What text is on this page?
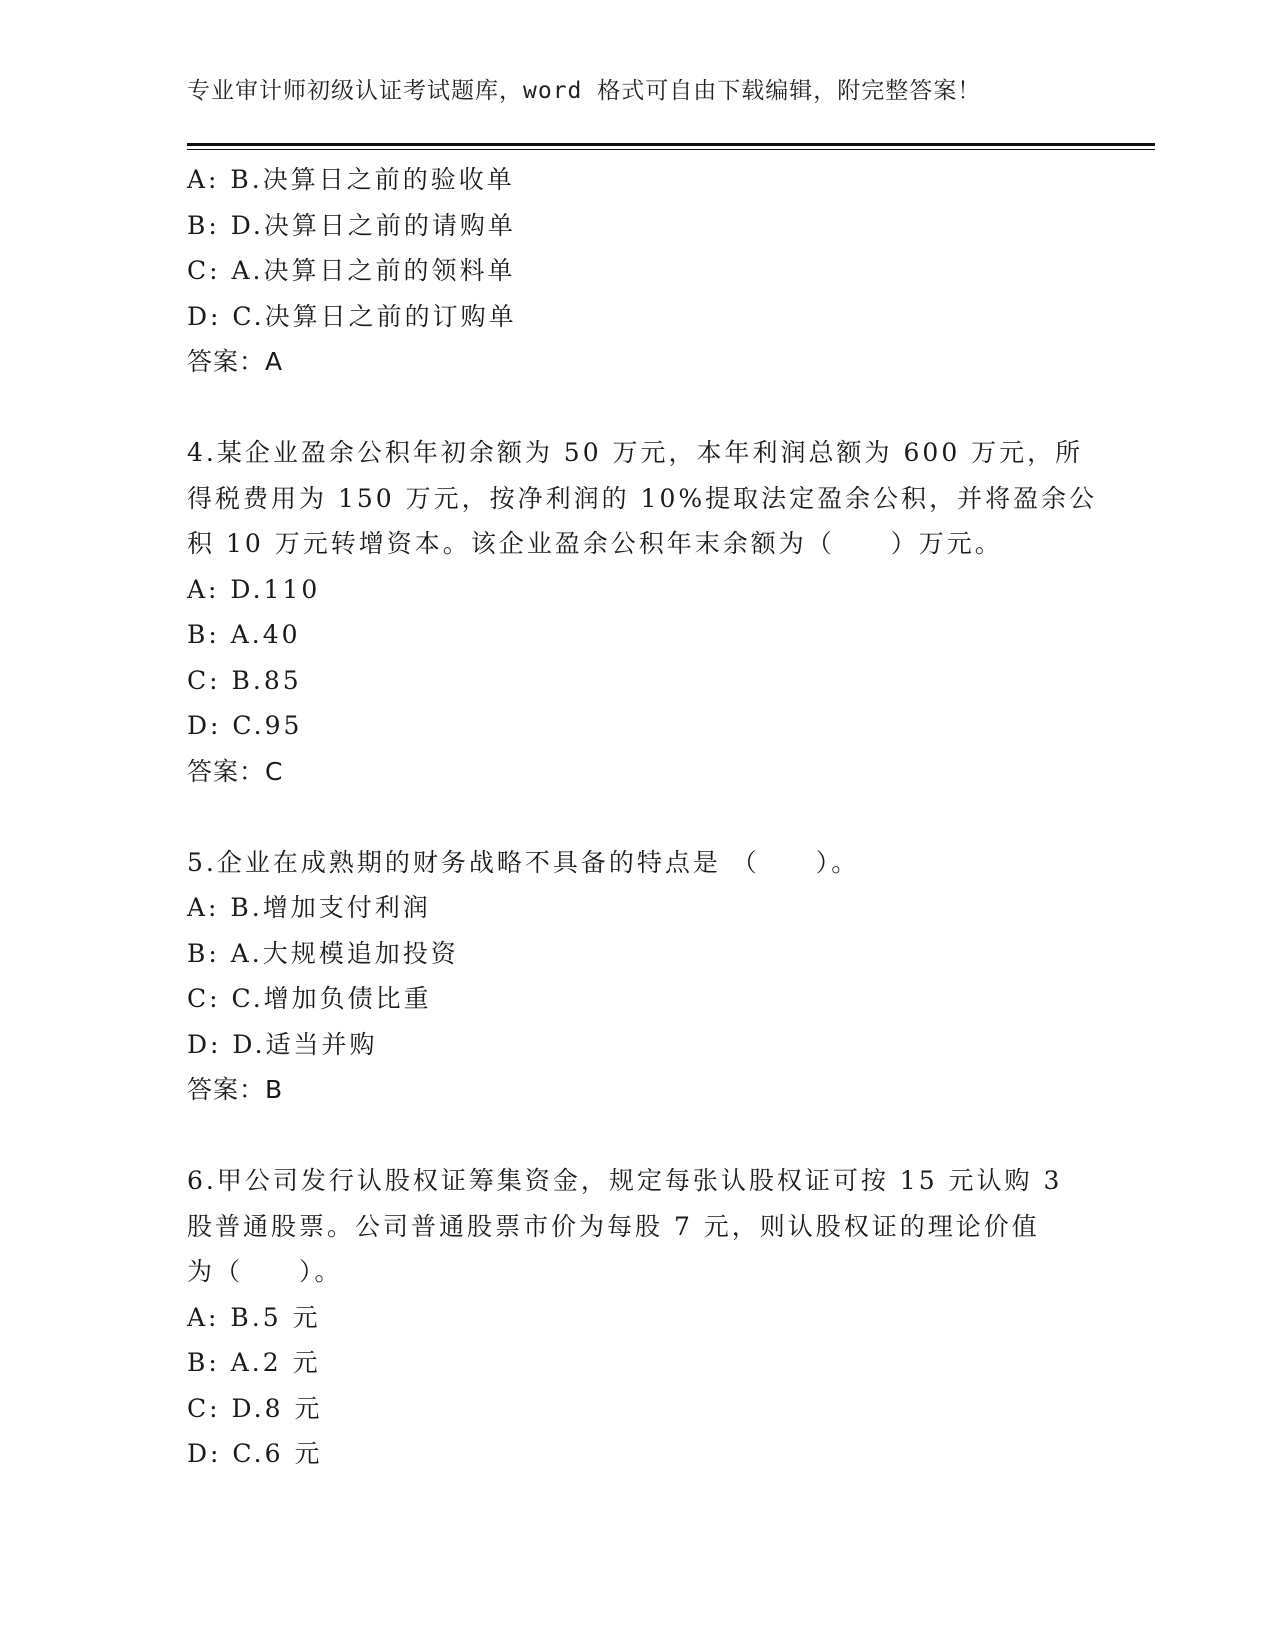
专业审计师初级认证考试题库，word 格式可自由下载编辑，附完整答案！
A: B.决算日之前的验收单
B: D.决算日之前的请购单
C: A.决算日之前的领料单
D: C.决算日之前的订购单
答案：A
4.某企业盈余公积年初余额为 50 万元，本年利润总额为 600 万元，所
得税费用为 150 万元，按净利润的 10%提取法定盈余公积，并将盈余公
积 10 万元转增资本。该企业盈余公积年末余额为（　　）万元。
A: D.110
B: A.40
C: B.85
D: C.95
答案：C
5.企业在成熟期的财务战略不具备的特点是 （　　）。
A: B.增加支付利润
B: A.大规模追加投资
C: C.增加负债比重
D: D.适当并购
答案：B
6.甲公司发行认股权证筹集资金，规定每张认股权证可按 15 元认购 3
股普通股票。公司普通股票市价为每股 7 元，则认股权证的理论价值
为（　　）。
A: B.5 元
B: A.2 元
C: D.8 元
D: C.6 元
